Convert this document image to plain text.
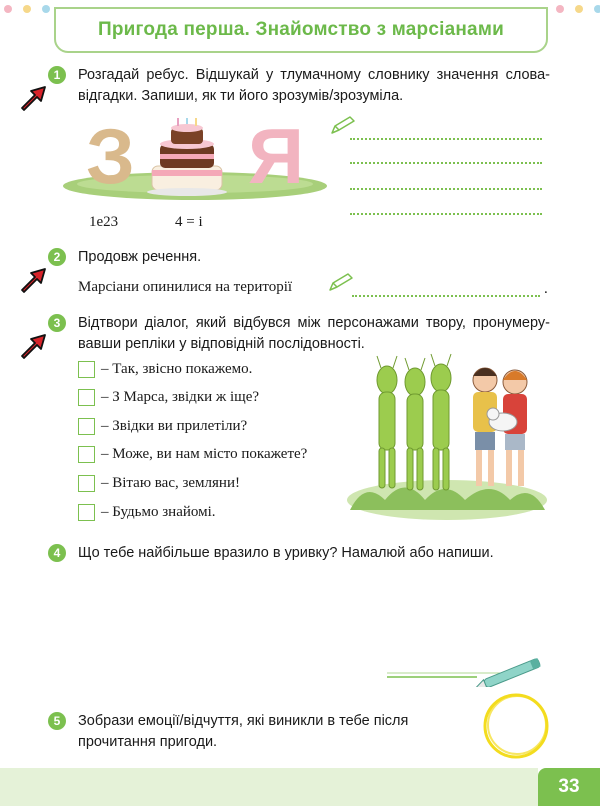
Пригода перша. Знайомство з марсіанами
1	Розгадай ребус. Відшукай у тлумачному словнику значення слова-відгадки. Запиши, як ти його зрозумів/зрозуміла.
З Я
1е23	4 = і
2	Продовж речення.
Марсіани опинилися на території	.
3	Відтвори діалог, який відбувся між персонажами твору, пронумерувавши репліки у відповідній послідовності.
– Так, звісно покажемо.
– З Марса, звідки ж іще?
– Звідки ви прилетіли?
– Може, ви нам місто покажете?
– Вітаю вас, земляни!
– Будьмо знайомі.
4	Що тебе найбільше вразило в уривку? Намалюй або напиши.
5	Зобрази емоції/відчуття, які виникли в тебе після прочитання пригоди.
33
